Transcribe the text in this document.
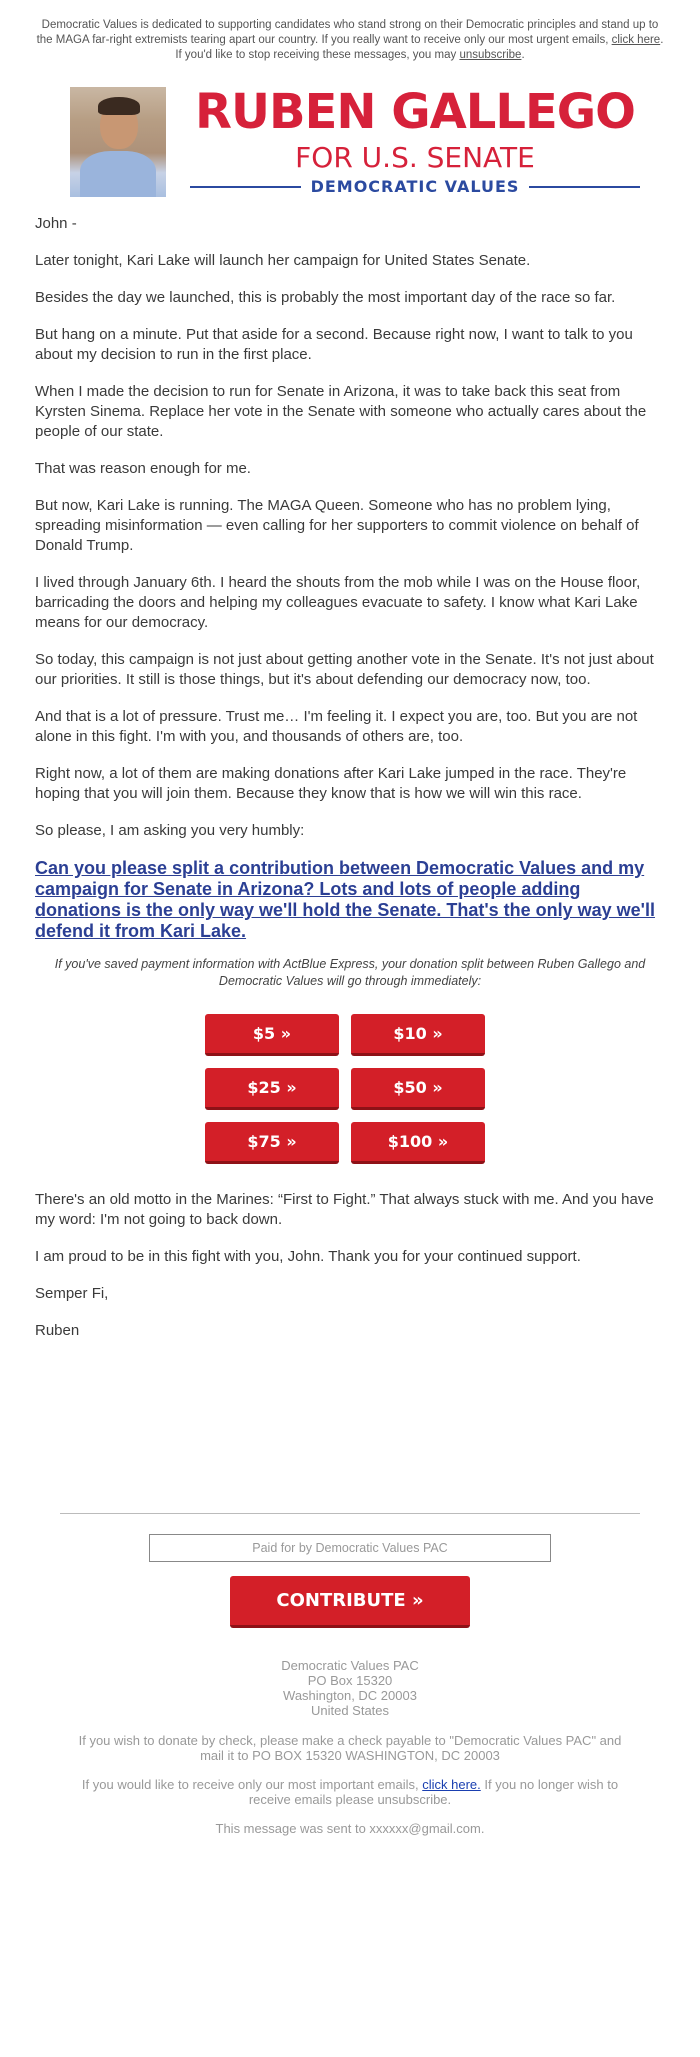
Democratic Values is dedicated to supporting candidates who stand strong on their Democratic principles and stand up to the MAGA far-right extremists tearing apart our country. If you really want to receive only our most urgent emails, click here. If you'd like to stop receiving these messages, you may unsubscribe.
RUBEN GALLEGO
FOR U.S. SENATE
DEMOCRATIC VALUES

John -

Later tonight, Kari Lake will launch her campaign for United States Senate.

Besides the day we launched, this is probably the most important day of the race so far.

But hang on a minute. Put that aside for a second. Because right now, I want to talk to you about my decision to run in the first place.

When I made the decision to run for Senate in Arizona, it was to take back this seat from Kyrsten Sinema. Replace her vote in the Senate with someone who actually cares about the people of our state.

That was reason enough for me.

But now, Kari Lake is running. The MAGA Queen. Someone who has no problem lying, spreading misinformation — even calling for her supporters to commit violence on behalf of Donald Trump.

I lived through January 6th. I heard the shouts from the mob while I was on the House floor, barricading the doors and helping my colleagues evacuate to safety. I know what Kari Lake means for our democracy.

So today, this campaign is not just about getting another vote in the Senate. It's not just about our priorities. It still is those things, but it's about defending our democracy now, too.

And that is a lot of pressure. Trust me… I'm feeling it. I expect you are, too. But you are not alone in this fight. I'm with you, and thousands of others are, too.

Right now, a lot of them are making donations after Kari Lake jumped in the race. They're hoping that you will join them. Because they know that is how we will win this race.

So please, I am asking you very humbly:

Can you please split a contribution between Democratic Values and my campaign for Senate in Arizona? Lots and lots of people adding donations is the only way we'll hold the Senate. That's the only way we'll defend it from Kari Lake.
If you've saved payment information with ActBlue Express, your donation split between Ruben Gallego and Democratic Values will go through immediately:
$5 »	$10 »
$25 »	$50 »
$75 »	$100 »

There's an old motto in the Marines: “First to Fight.” That always stuck with me. And you have my word: I'm not going to back down.

I am proud to be in this fight with you, John. Thank you for your continued support.

Semper Fi,

Ruben

Paid for by Democratic Values PAC
CONTRIBUTE »
Democratic Values PAC
PO Box 15320
Washington, DC 20003
United States
If you wish to donate by check, please make a check payable to "Democratic Values PAC" and mail it to PO BOX 15320 WASHINGTON, DC 20003
If you would like to receive only our most important emails, click here. If you no longer wish to receive emails please unsubscribe.
This message was sent to xxxxxx@gmail.com.
